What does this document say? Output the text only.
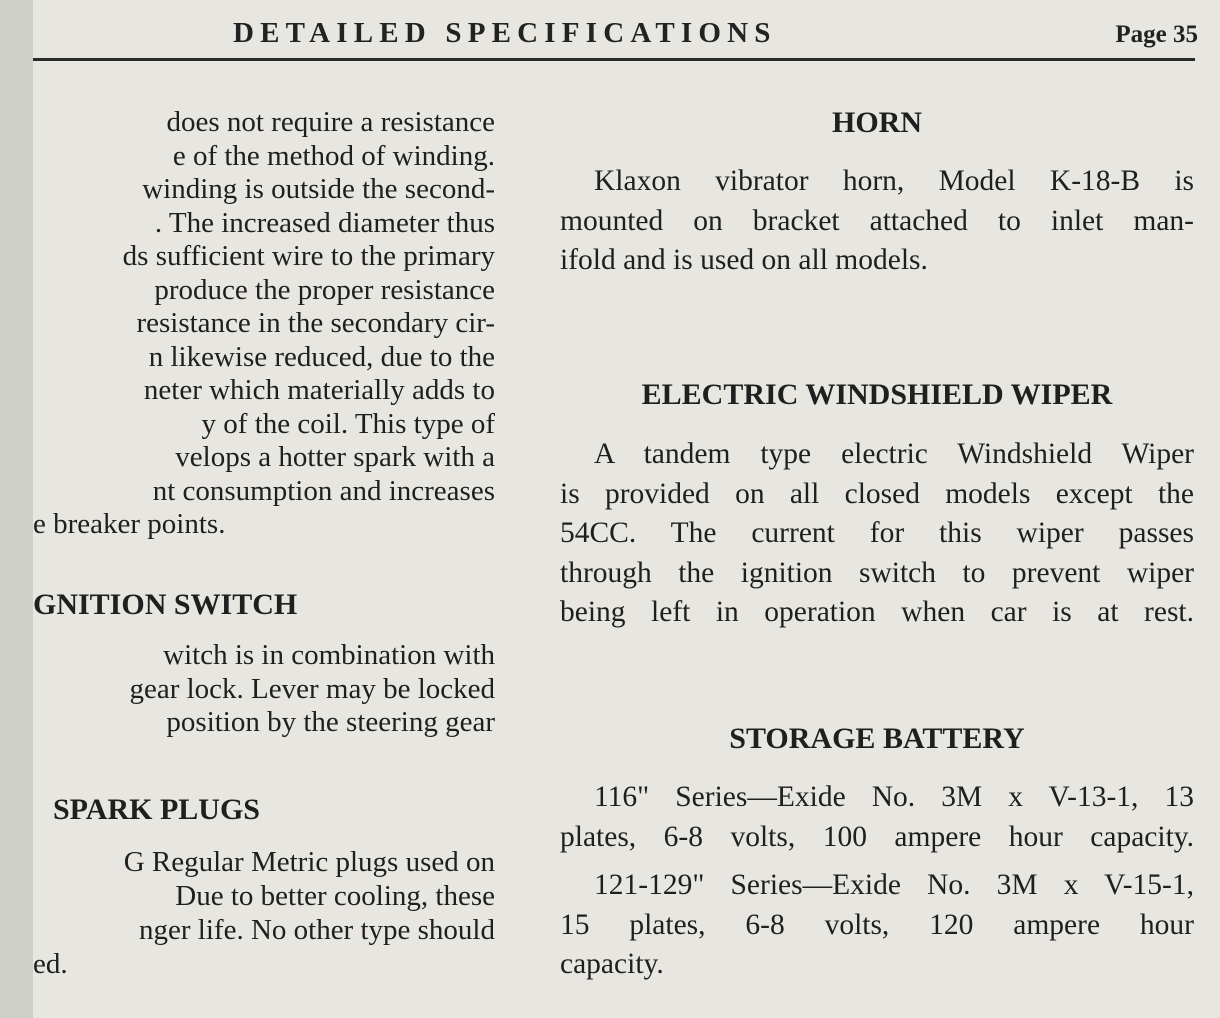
DETAILED SPECIFICATIONS	Page 35
does not require a resistance
e of the method of winding.
winding is outside the second-
. The increased diameter thus
ds sufficient wire to the primary
produce the proper resistance
resistance in the secondary cir-
n likewise reduced, due to the
neter which materially adds to
y of the coil. This type of
velops a hotter spark with a
nt consumption and increases
e breaker points.
GNITION SWITCH
witch is in combination with
gear lock. Lever may be locked
position by the steering gear
SPARK PLUGS
G Regular Metric plugs used on
Due to better cooling, these
nger life. No other type should
ed.
HORN
Klaxon vibrator horn, Model K-18-B is
mounted on bracket attached to inlet man-
ifold and is used on all models.
ELECTRIC WINDSHIELD WIPER
A tandem type electric Windshield Wiper
is provided on all closed models except the
54CC. The current for this wiper passes
through the ignition switch to prevent wiper
being left in operation when car is at rest.
STORAGE BATTERY
116" Series—Exide No. 3M x V-13-1, 13
plates, 6-8 volts, 100 ampere hour capacity.
121-129" Series—Exide No. 3M x V-15-1,
15 plates, 6-8 volts, 120 ampere hour
capacity.
